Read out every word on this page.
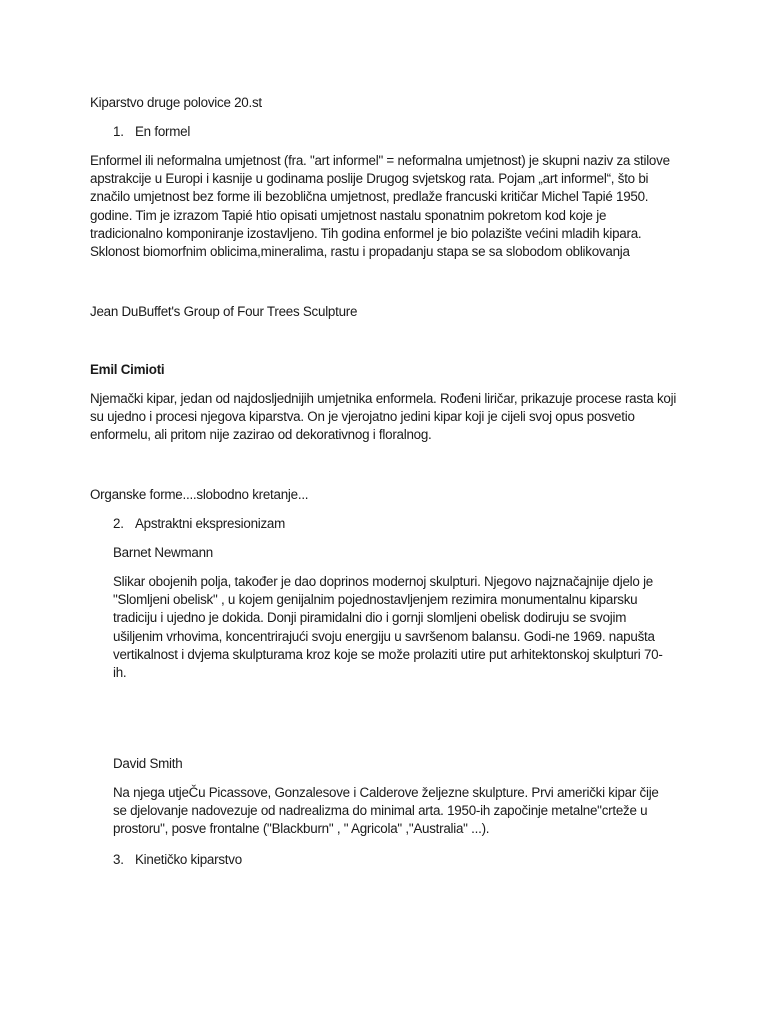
Kiparstvo druge polovice 20.st

1. En formel

Enformel ili neformalna umjetnost (fra. "art informel" = neformalna umjetnost) je skupni naziv za stilove apstrakcije u Europi i kasnije u godinama poslije Drugog svjetskog rata. Pojam „art informel“, što bi značilo umjetnost bez forme ili bezoblična umjetnost, predlaže francuski kritičar Michel Tapié 1950. godine. Tim je izrazom Tapié htio opisati umjetnost nastalu sponatnim pokretom kod koje je tradicionalno komponiranje izostavljeno. Tih godina enformel je bio polazište većini mladih kipara. Sklonost biomorfnim oblicima,mineralima, rastu i propadanju stapa se sa slobodom oblikovanja

Jean DuBuffet's Group of Four Trees Sculpture

Emil Cimioti

Njemački kipar, jedan od najdosljednijih umjetnika enformela. Rođeni liričar, prikazuje procese rasta koji su ujedno i procesi njegova kiparstva. On je vjerojatno jedini kipar koji je cijeli svoj opus posvetio enformelu, ali pritom nije zazirao od dekorativnog i floralnog.

Organske forme....slobodno kretanje...

2. Apstraktni ekspresionizam

Barnet Newmann

Slikar obojenih polja, također je dao doprinos modernoj skulpturi. Njegovo najznačajnije djelo je "Slomljeni obelisk" , u kojem genijalnim pojednostavljenjem rezimira monumentalnu kiparsku tradiciju i ujedno je dokida. Donji piramidalni dio i gornji slomljeni obelisk dodiruju se svojim ušiljenim vrhovima, koncentrirajući svoju energiju u savršenom balansu. Godi-ne 1969. napušta vertikalnost i dvjema skulpturama kroz koje se može prolaziti utire put arhitektonskoj skulpturi 70-ih.

David Smith

Na njega utjeČu Picassove, Gonzalesove i Calderove željezne skulpture. Prvi američki kipar čije se djelovanje nadovezuje od nadrealizma do minimal arta. 1950-ih započinje metalne"crteže u prostoru", posve frontalne ("Blackburn" , " Agricola" ,"Australia" ...).

3. Kinetičko kiparstvo
